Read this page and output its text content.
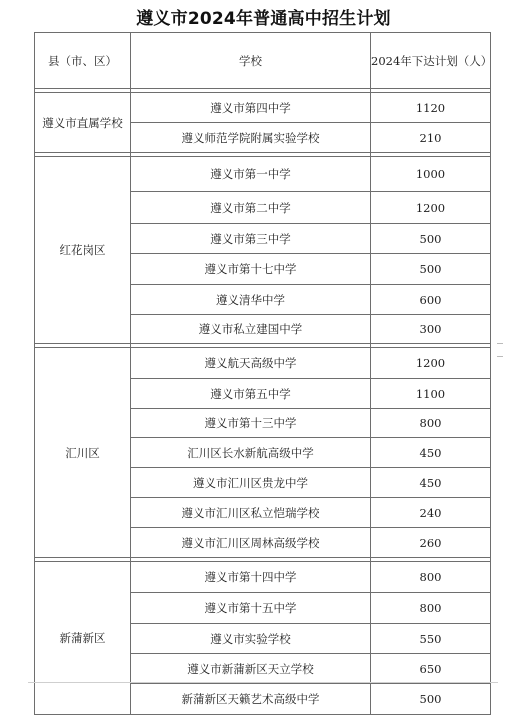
遵义市2024年普通高中招生计划
县（市、区）	学校	2024年下达计划（人）

遵义市直属学校	遵义市第四中学	1120
	遵义师范学院附属实验学校	210

红花岗区	遵义市第一中学	1000
	遵义市第二中学	1200
	遵义市第三中学	500
	遵义市第十七中学	500
	遵义清华中学	600
	遵义市私立建国中学	300

汇川区	遵义航天高级中学	1200
	遵义市第五中学	1100
	遵义市第十三中学	800
	汇川区长水新航高级中学	450
	遵义市汇川区贵龙中学	450
	遵义市汇川区私立恺瑞学校	240
	遵义市汇川区周林高级学校	260

新蒲新区	遵义市第十四中学	800
	遵义市第十五中学	800
	遵义市实验学校	550
	遵义市新蒲新区天立学校	650
	新蒲新区天籁艺术高级中学	500
